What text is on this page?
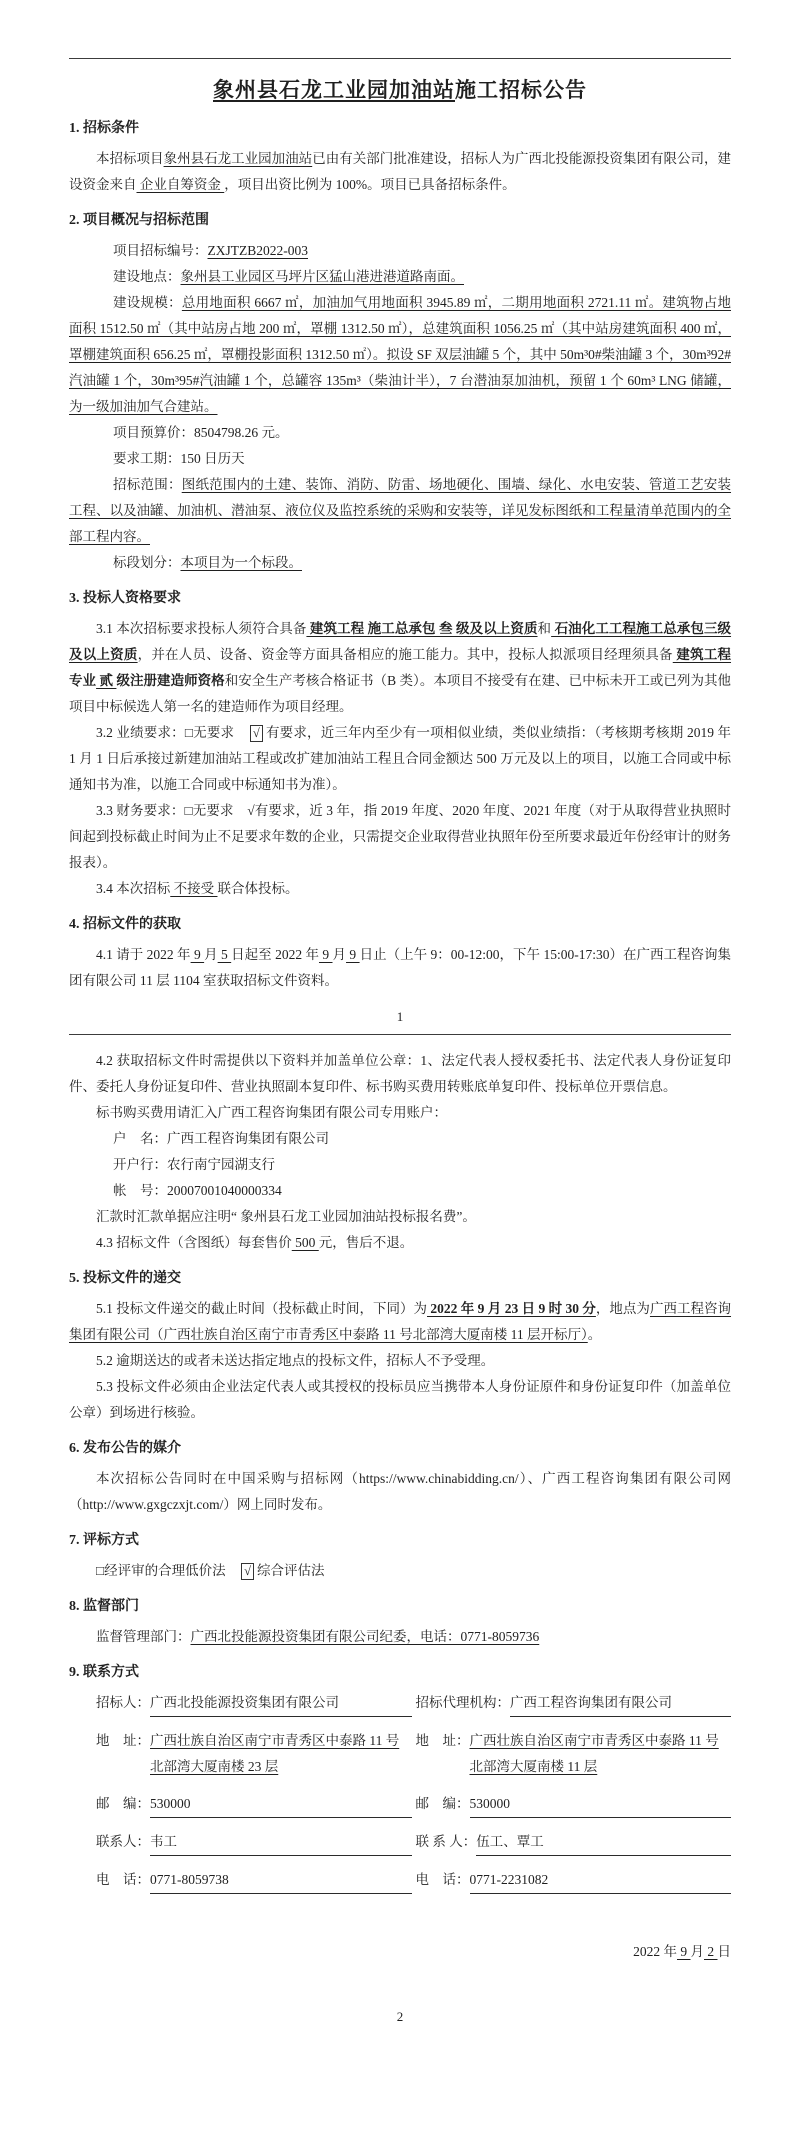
象州县石龙工业园加油站施工招标公告
1. 招标条件

本招标项目象州县石龙工业园加油站已由有关部门批准建设，招标人为广西北投能源投资集团有限公司，建设资金来自 企业自筹资金 ，项目出资比例为 100%。项目已具备招标条件。

2. 项目概况与招标范围

项目招标编号：ZXJTZB2022-003

建设地点：象州县工业园区马坪片区猛山港进港道路南面。

建设规模：总用地面积 6667 ㎡，加油加气用地面积 3945.89 ㎡，二期用地面积 2721.11 ㎡。建筑物占地面积 1512.50 ㎡（其中站房占地 200 ㎡，罩棚 1312.50 ㎡），总建筑面积 1056.25 ㎡（其中站房建筑面积 400 ㎡，罩棚建筑面积 656.25 ㎡，罩棚投影面积 1312.50 ㎡）。拟设 SF 双层油罐 5 个，其中 50m³0#柴油罐 3 个，30m³92#汽油罐 1 个，30m³95#汽油罐 1 个，总罐容 135m³（柴油计半），7 台潜油泵加油机，预留 1 个 60m³ LNG 储罐，为一级加油加气合建站。

项目预算价：8504798.26 元。

要求工期：150 日历天

招标范围：图纸范围内的土建、装饰、消防、防雷、场地硬化、围墙、绿化、水电安装、管道工艺安装工程、以及油罐、加油机、潜油泵、液位仪及监控系统的采购和安装等，详见发标图纸和工程量清单范围内的全部工程内容。

标段划分：本项目为一个标段。

3. 投标人资格要求

3.1 本次招标要求投标人须符合具备 建筑工程 施工总承包 叁 级及以上资质和 石油化工工程施工总承包三级及以上资质，并在人员、设备、资金等方面具备相应的施工能力。其中，投标人拟派项目经理须具备 建筑工程 专业 贰 级注册建造师资格和安全生产考核合格证书（B 类）。本项目不接受有在建、已中标未开工或已列为其他项目中标候选人第一名的建造师作为项目经理。

3.2 业绩要求：□无要求　√ 有要求，近三年内至少有一项相似业绩，类似业绩指：（考核期考核期 2019 年 1 月 1 日后承接过新建加油站工程或改扩建加油站工程且合同金额达 500 万元及以上的项目，以施工合同或中标通知书为准，以施工合同或中标通知书为准）。

3.3 财务要求：□无要求　√有要求，近 3 年，指 2019 年度、2020 年度、2021 年度（对于从取得营业执照时间起到投标截止时间为止不足要求年数的企业，只需提交企业取得营业执照年份至所要求最近年份经审计的财务报表）。

3.4 本次招标 不接受 联合体投标。

4. 招标文件的获取

4.1 请于 2022 年 9 月 5 日起至 2022 年 9 月 9 日止（上午 9：00-12:00，下午 15:00-17:30）在广西工程咨询集团有限公司 11 层 1104 室获取招标文件资料。

1

4.2 获取招标文件时需提供以下资料并加盖单位公章：1、法定代表人授权委托书、法定代表人身份证复印件、委托人身份证复印件、营业执照副本复印件、标书购买费用转账底单复印件、投标单位开票信息。

标书购买费用请汇入广西工程咨询集团有限公司专用账户：

户　名：广西工程咨询集团有限公司

开户行：农行南宁园湖支行

帐　号：20007001040000334

汇款时汇款单据应注明“ 象州县石龙工业园加油站投标报名费”。

4.3 招标文件（含图纸）每套售价 500 元，售后不退。

5. 投标文件的递交

5.1 投标文件递交的截止时间（投标截止时间，下同）为 2022 年 9 月 23 日 9 时 30 分，地点为广西工程咨询集团有限公司（广西壮族自治区南宁市青秀区中泰路 11 号北部湾大厦南楼 11 层开标厅）。

5.2 逾期送达的或者未送达指定地点的投标文件，招标人不予受理。

5.3 投标文件必须由企业法定代表人或其授权的投标员应当携带本人身份证原件和身份证复印件（加盖单位公章）到场进行核验。

6. 发布公告的媒介

本次招标公告同时在中国采购与招标网（https://www.chinabidding.cn/）、广西工程咨询集团有限公司网（http://www.gxgczxjt.com/）网上同时发布。

7. 评标方式

□经评审的合理低价法　√ 综合评估法

8. 监督部门

监督管理部门：广西北投能源投资集团有限公司纪委，电话：0771-8059736

9. 联系方式
招标人： 广西北投能源投资集团有限公司
地　址： 广西壮族自治区南宁市青秀区中泰路 11 号北部湾大厦南楼 23 层
邮　编： 530000
联系人： 韦工
电　话： 0771-8059738
招标代理机构： 广西工程咨询集团有限公司
地　址： 广西壮族自治区南宁市青秀区中泰路 11 号北部湾大厦南楼 11 层
邮　编： 530000
联 系 人： 伍工、覃工
电　话： 0771-2231082

2022 年 9 月 2 日

2
